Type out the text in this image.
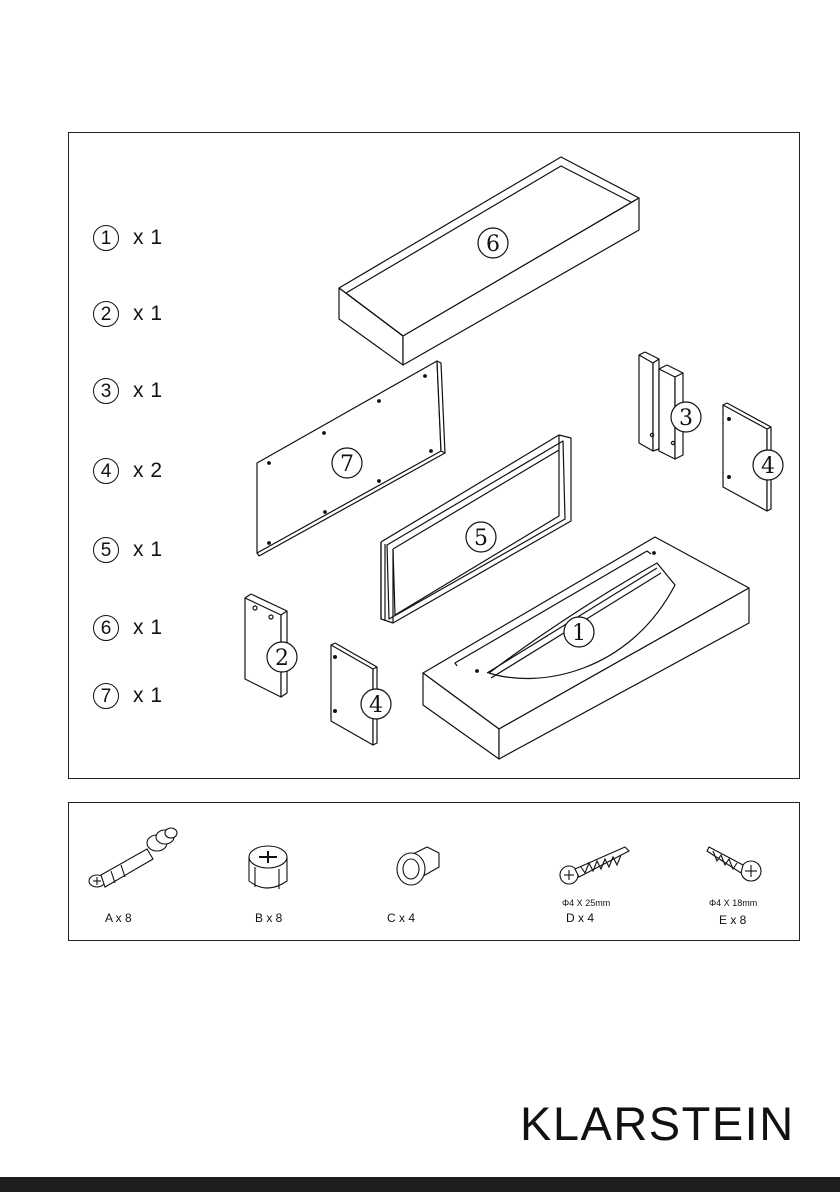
1	x 1
2	x 1
3	x 1
4	x 2
5	x 1
6	x 1
7	x 1
6
7
5
3
4
1
2
4
A x 8	B x 8	C x 4
Φ4 X 25mm
D x 4
Φ4 X 18mm
E x 8
KLARSTEIN
